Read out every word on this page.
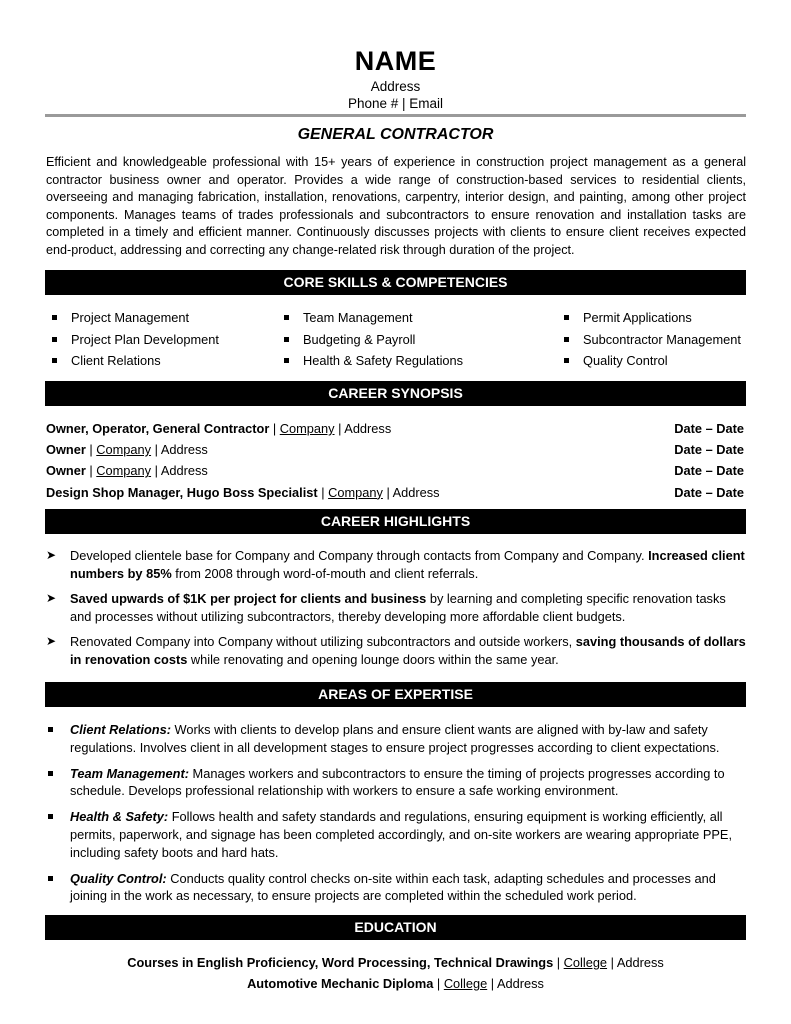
NAME
Address
Phone # | Email
GENERAL CONTRACTOR
Efficient and knowledgeable professional with 15+ years of experience in construction project management as a general contractor business owner and operator. Provides a wide range of construction-based services to residential clients, overseeing and managing fabrication, installation, renovations, carpentry, interior design, and painting, among other project components. Manages teams of trades professionals and subcontractors to ensure renovation and installation tasks are completed in a timely and efficient manner. Continuously discusses projects with clients to ensure client receives expected end-product, addressing and correcting any change-related risk through duration of the project.
CORE SKILLS & COMPETENCIES
Project Management
Project Plan Development
Client Relations
Team Management
Budgeting & Payroll
Health & Safety Regulations
Permit Applications
Subcontractor Management
Quality Control
CAREER SYNOPSIS
Owner, Operator, General Contractor | Company | Address	Date – Date
Owner | Company | Address	Date – Date
Owner | Company | Address	Date – Date
Design Shop Manager, Hugo Boss Specialist | Company | Address	Date – Date
CAREER HIGHLIGHTS
➤ Developed clientele base for Company and Company through contacts from Company and Company. Increased client numbers by 85% from 2008 through word-of-mouth and client referrals.
➤ Saved upwards of $1K per project for clients and business by learning and completing specific renovation tasks and processes without utilizing subcontractors, thereby developing more affordable client budgets.
➤ Renovated Company into Company without utilizing subcontractors and outside workers, saving thousands of dollars in renovation costs while renovating and opening lounge doors within the same year.
AREAS OF EXPERTISE
Client Relations: Works with clients to develop plans and ensure client wants are aligned with by-law and safety regulations. Involves client in all development stages to ensure project progresses according to client expectations.
Team Management: Manages workers and subcontractors to ensure the timing of projects progresses according to schedule. Develops professional relationship with workers to ensure a safe working environment.
Health & Safety: Follows health and safety standards and regulations, ensuring equipment is working efficiently, all permits, paperwork, and signage has been completed accordingly, and on-site workers are wearing appropriate PPE, including safety boots and hard hats.
Quality Control: Conducts quality control checks on-site within each task, adapting schedules and processes and joining in the work as necessary, to ensure projects are completed within the scheduled work period.
EDUCATION
Courses in English Proficiency, Word Processing, Technical Drawings | College | Address
Automotive Mechanic Diploma | College | Address
